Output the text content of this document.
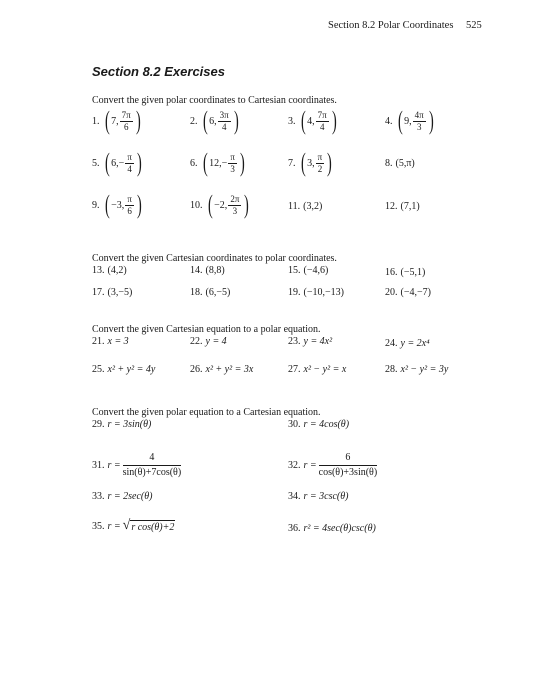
Section 8.2 Polar Coordinates 525
Section 8.2 Exercises
Convert the given polar coordinates to Cartesian coordinates.
1. ( 7, $\frac{7\pi}{6}$ )	2. ( 6, $\frac{3\pi}{4}$ )	3. ( 4, $\frac{7\pi}{4}$ )	4. ( 9, $\frac{4\pi}{3}$ )
5. ( $6,- \frac{\pi}{4}$ )	6. ( $12,- \frac{\pi}{3}$ )	7. ( 3, $\frac{\pi}{2}$ )	8. (5,π)
9. ( −3, $\frac{\pi}{6}$ )	10. ( −2, $\frac{2\pi}{3}$ )	11. (3,2)	12. (7,1)
Convert the given Cartesian coordinates to polar coordinates.
13. (4,2)	14. (8,8)	15. (−4,6)	16. (−5,1)
17. (3,−5)	18. (6,−5)	19. (−10,−13)	20. (−4,−7)
Convert the given Cartesian equation to a polar equation.
21. x = 3	22. y = 4	23. y = 4x²	24. y = 2x⁴
25. x² + y² = 4y	26. x² + y² = 3x	27. x² − y² = x	28. x² − y² = 3y
Convert the given polar equation to a Cartesian equation.
29. r = 3sin(θ)	30. r = 4cos(θ)
31. $r = \frac{4}{\sin(\theta)+7\cos(\theta)}$	32. $r = \frac{6}{\cos(\theta)+3\sin(\theta)}$
33. r = 2sec(θ)	34. r = 3csc(θ)
35. r = √ r cos(θ)+2	36. r² = 4sec(θ)csc(θ)
